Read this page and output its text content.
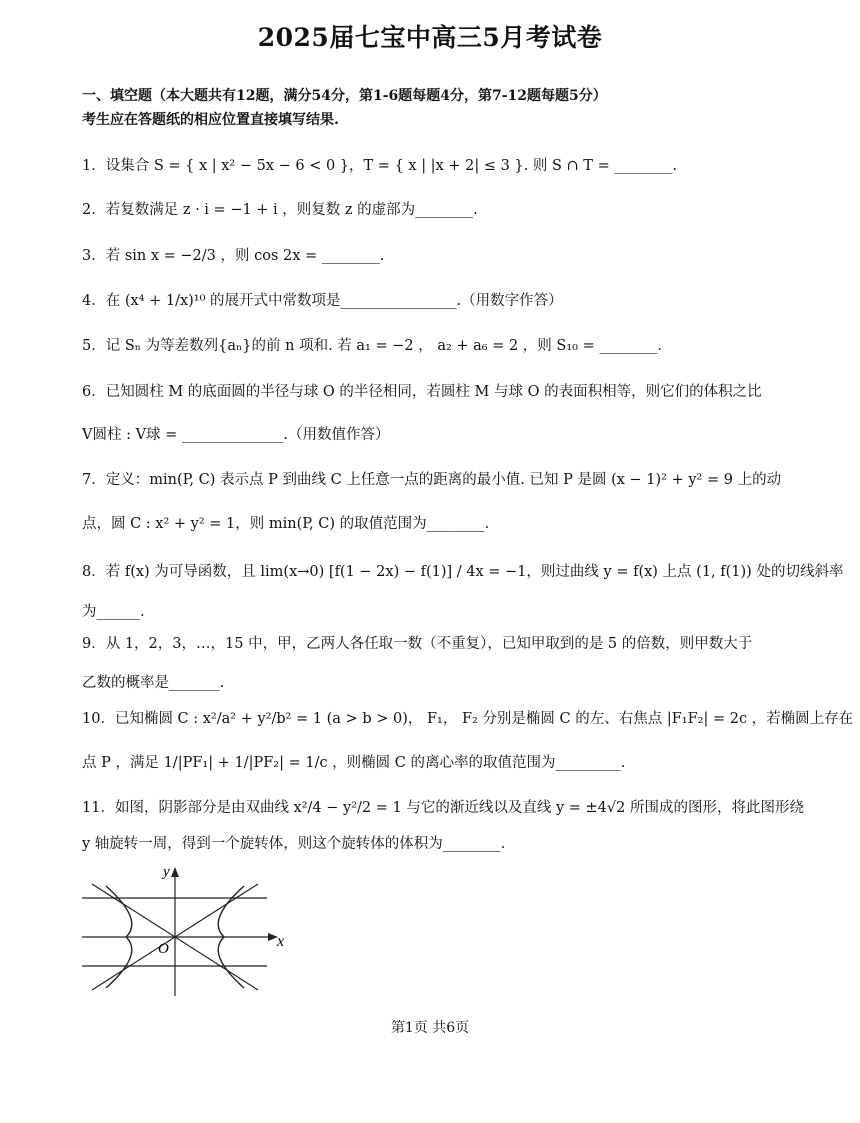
2025届七宝中高三5月考试卷
一、填空题（本大题共有12题，满分54分，第1-6题每题4分，第7-12题每题5分）
考生应在答题纸的相应位置直接填写结果.
1．设集合 S = { x | x² − 5x − 6 < 0 }，T = { x | |x + 2| ≤ 3 }. 则 S ∩ T = ________.
2．若复数满足 z · i = −1 + i ，则复数 z 的虚部为________.
3．若 sin x = −2/3 ，则 cos 2x = ________.
4．在 (x⁴ + 1/x)¹⁰ 的展开式中常数项是________________.（用数字作答）
5．记 Sₙ 为等差数列{aₙ}的前 n 项和. 若 a₁ = −2 ， a₂ + a₆ = 2 ，则 S₁₀ = ________.
6．已知圆柱 M 的底面圆的半径与球 O 的半径相同，若圆柱 M 与球 O 的表面积相等，则它们的体积之比
V圆柱 : V球 = ______________.（用数值作答）
7．定义：min(P, C) 表示点 P 到曲线 C 上任意一点的距离的最小值. 已知 P 是圆 (x − 1)² + y² = 9 上的动
点，圆 C : x² + y² = 1，则 min(P, C) 的取值范围为________.
8．若 f(x) 为可导函数，且 lim(x→0) [f(1 − 2x) − f(1)] / 4x = −1，则过曲线 y = f(x) 上点 (1, f(1)) 处的切线斜率
为______.
9．从 1，2，3，…，15 中，甲，乙两人各任取一数（不重复），已知甲取到的是 5 的倍数，则甲数大于
乙数的概率是_______.
10．已知椭圆 C : x²/a² + y²/b² = 1 (a > b > 0)， F₁， F₂ 分别是椭圆 C 的左、右焦点 |F₁F₂| = 2c ，若椭圆上存在
点 P ，满足 1/|PF₁| + 1/|PF₂| = 1/c ，则椭圆 C 的离心率的取值范围为_________.
11．如图，阴影部分是由双曲线 x²/4 − y²/2 = 1 与它的渐近线以及直线 y = ±4√2 所围成的图形，将此图形绕
y 轴旋转一周，得到一个旋转体，则这个旋转体的体积为________.
x
y
O
第1页 共6页
